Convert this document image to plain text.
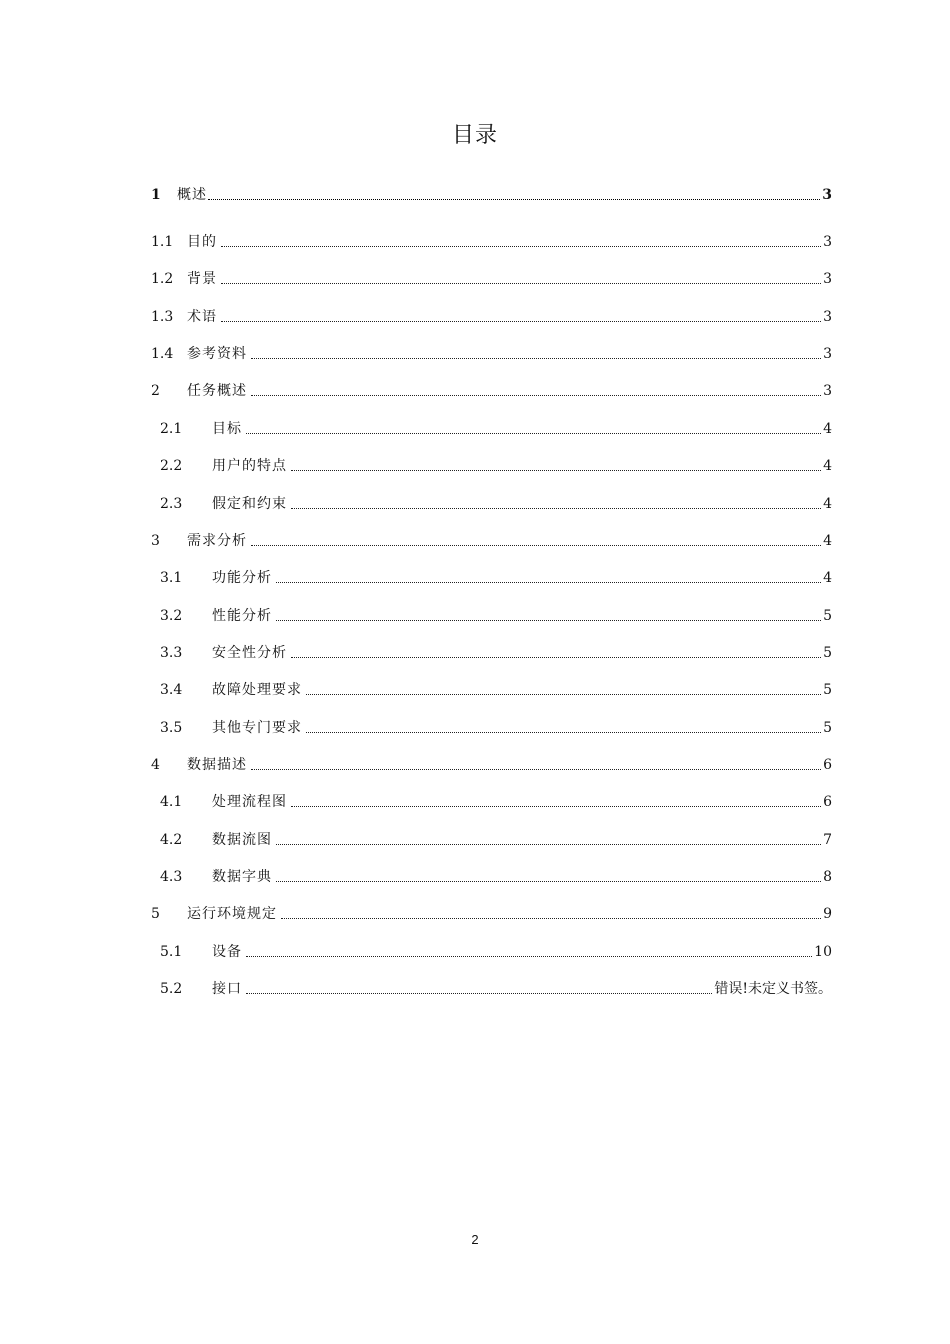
目录
1	概述	3
1.1 目的	3
1.2 背景	3
1.3 术语	3
1.4 参考资料	3
2	任务概述	3
2.1	目标	4
2.2	用户的特点	4
2.3	假定和约束	4
3	需求分析	4
3.1	功能分析	4
3.2	性能分析	5
3.3	安全性分析	5
3.4	故障处理要求	5
3.5	其他专门要求	5
4	数据描述	6
4.1	处理流程图	6
4.2	数据流图	7
4.3	数据字典	8
5	运行环境规定	9
5.1	设备	10
5.2	接口	错误!未定义书签。
2
